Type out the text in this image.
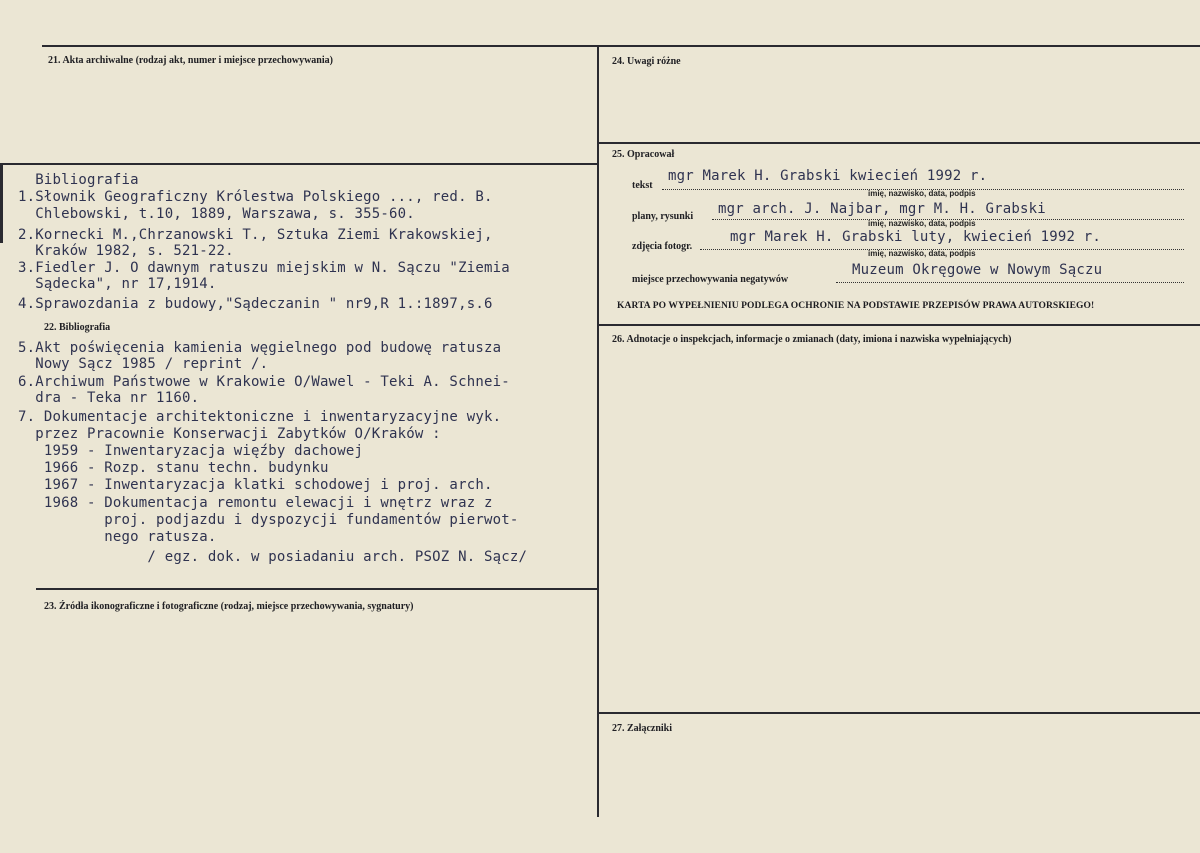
21. Akta archiwalne (rodzaj akt, numer i miejsce przechowywania)	24. Uwagi różne
25. Opracował
tekst
mgr Marek H. Grabski kwiecień 1992 r.
imię, nazwisko, data, podpis
plany, rysunki mgr arch. J. Najbar, mgr M. H. Grabski
imię, nazwisko, data, podpis
zdjęcia fotogr.
mgr Marek H. Grabski luty, kwiecień 1992 r.
imię, nazwisko, data, podpis
miejsce przechowywania negatywów
Muzeum Okręgowe w Nowym Sączu
KARTA PO WYPEŁNIENIU PODLEGA OCHRONIE NA PODSTAWIE PRZEPISÓW PRAWA AUTORSKIEGO!
Bibliografia
1.Słownik Geograficzny Królestwa Polskiego ..., red. B.
Chlebowski, t.10, 1889, Warszawa, s. 355-60.
2.Kornecki M.,Chrzanowski T., Sztuka Ziemi Krakowskiej,
Kraków 1982, s. 521-22.
3.Fiedler J. O dawnym ratuszu miejskim w N. Sączu "Ziemia
Sądecka", nr 17,1914.
4.Sprawozdania z budowy,"Sądeczanin " nr9,R 1.:1897,s.6
22. Bibliografia
5.Akt poświęcenia kamienia węgielnego pod budowę ratusza
Nowy Sącz 1985 / reprint /.
6.Archiwum Państwowe w Krakowie O/Wawel - Teki A. Schnei-
dra - Teka nr 1160.
7. Dokumentacje architektoniczne i inwentaryzacyjne wyk.
przez Pracownie Konserwacji Zabytków O/Kraków :
1959 - Inwentaryzacja więźby dachowej
1966 - Rozp. stanu techn. budynku
1967 - Inwentaryzacja klatki schodowej i proj. arch.
1968 - Dokumentacja remontu elewacji i wnętrz wraz z
proj. podjazdu i dyspozycji fundamentów pierwot-
nego ratusza.
/ egz. dok. w posiadaniu arch. PSOZ N. Sącz/
23. Źródła ikonograficzne i fotograficzne (rodzaj, miejsce przechowywania, sygnatury)
26. Adnotacje o inspekcjach, informacje o zmianach (daty, imiona i nazwiska wypełniających)
27. Załączniki
